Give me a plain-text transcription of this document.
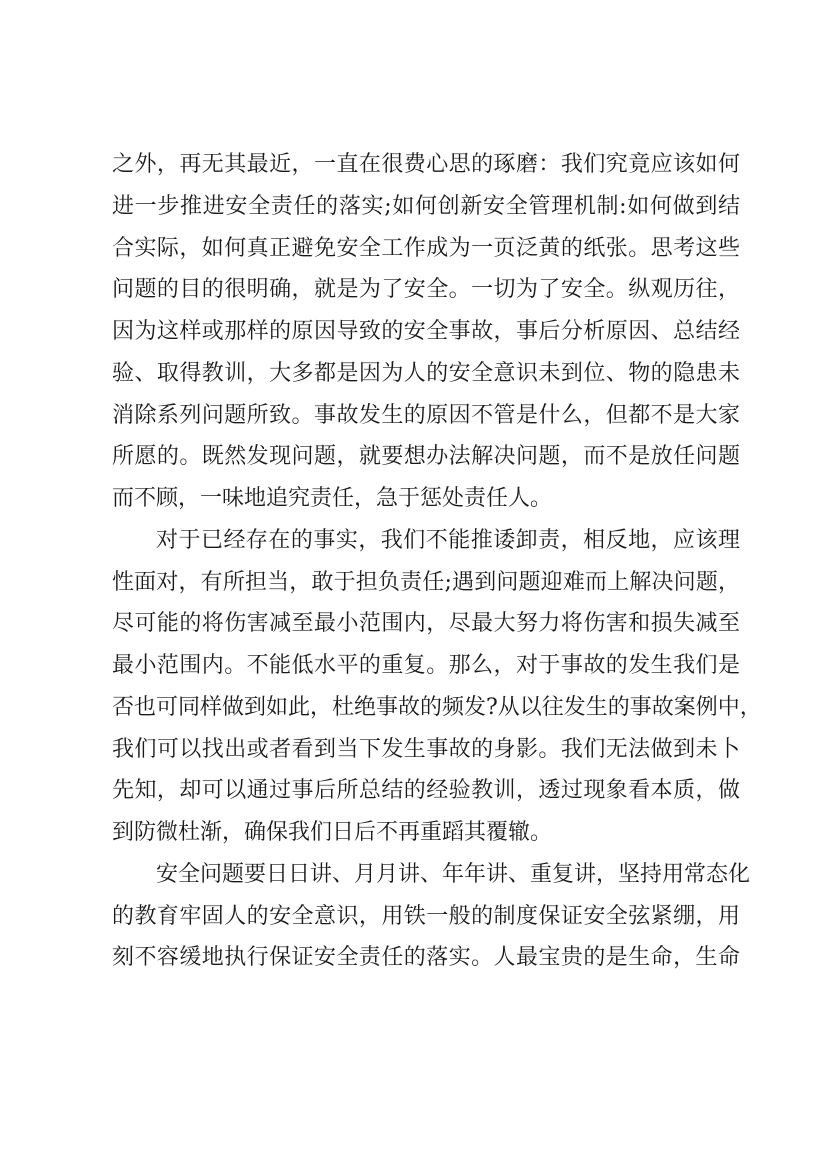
之外，再无其最近，一直在很费心思的琢磨：我们究竟应该如何
进一步推进安全责任的落实;如何创新安全管理机制:如何做到结
合实际，如何真正避免安全工作成为一页泛黄的纸张。思考这些
问题的目的很明确，就是为了安全。一切为了安全。纵观历往，
因为这样或那样的原因导致的安全事故，事后分析原因、总结经
验、取得教训，大多都是因为人的安全意识未到位、物的隐患未
消除系列问题所致。事故发生的原因不管是什么，但都不是大家
所愿的。既然发现问题，就要想办法解决问题，而不是放任问题
而不顾，一味地追究责任，急于惩处责任人。
对于已经存在的事实，我们不能推诿卸责，相反地，应该理
性面对，有所担当，敢于担负责任;遇到问题迎难而上解决问题，
尽可能的将伤害减至最小范围内，尽最大努力将伤害和损失减至
最小范围内。不能低水平的重复。那么，对于事故的发生我们是
否也可同样做到如此，杜绝事故的频发?从以往发生的事故案例中，
我们可以找出或者看到当下发生事故的身影。我们无法做到未卜
先知，却可以通过事后所总结的经验教训，透过现象看本质，做
到防微杜渐，确保我们日后不再重蹈其覆辙。
安全问题要日日讲、月月讲、年年讲、重复讲，坚持用常态化
的教育牢固人的安全意识，用铁一般的制度保证安全弦紧绷，用
刻不容缓地执行保证安全责任的落实。人最宝贵的是生命，生命
